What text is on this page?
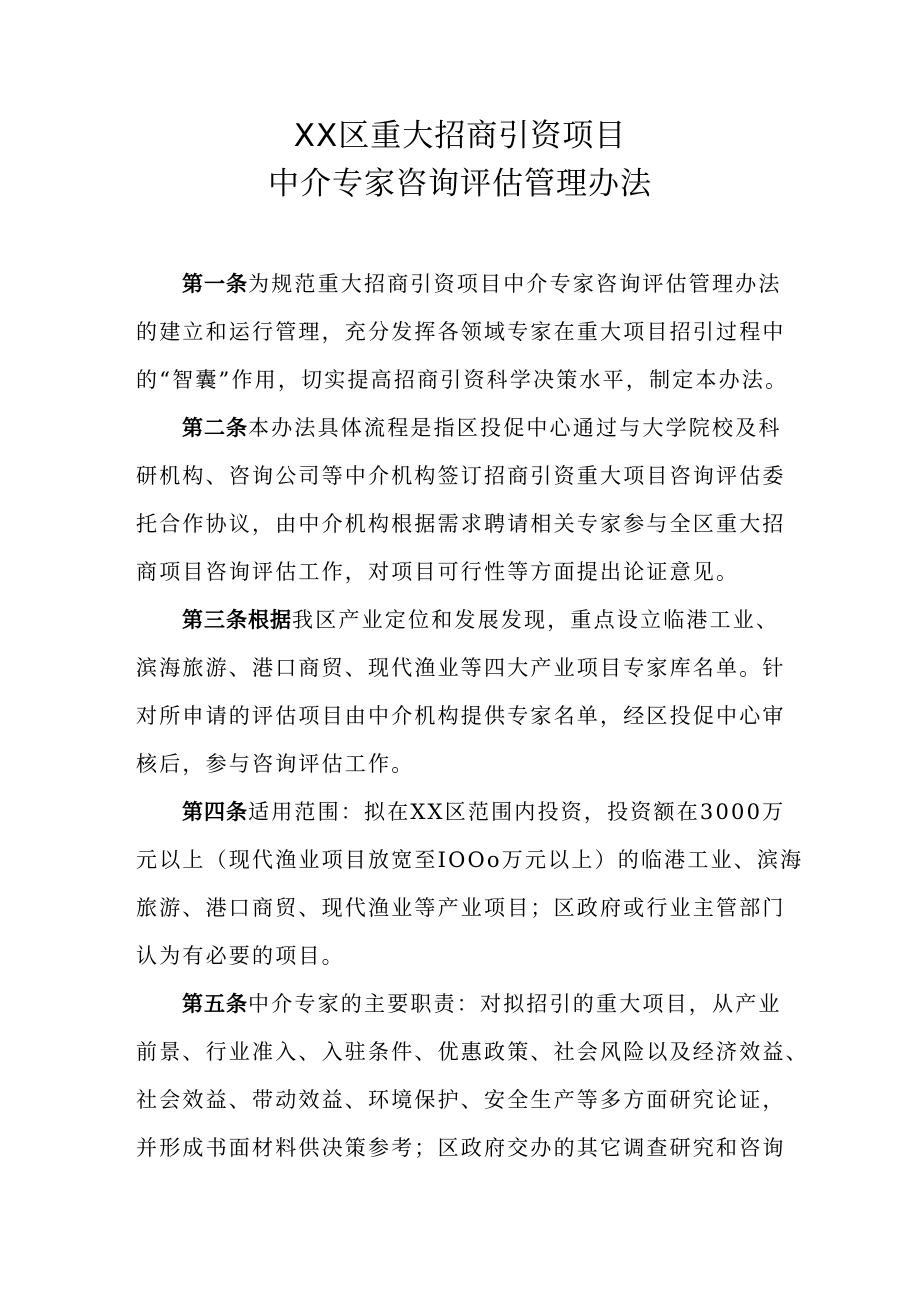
XX区重大招商引资项目
中介专家咨询评估管理办法
第一条为规范重大招商引资项目中介专家咨询评估管理办法
的建立和运行管理，充分发挥各领域专家在重大项目招引过程中
的“智囊”作用，切实提高招商引资科学决策水平，制定本办法。
第二条本办法具体流程是指区投促中心通过与大学院校及科
研机构、咨询公司等中介机构签订招商引资重大项目咨询评估委
托合作协议，由中介机构根据需求聘请相关专家参与全区重大招
商项目咨询评估工作，对项目可行性等方面提出论证意见。
第三条根据我区产业定位和发展发现，重点设立临港工业、
滨海旅游、港口商贸、现代渔业等四大产业项目专家库名单。针
对所申请的评估项目由中介机构提供专家名单，经区投促中心审
核后，参与咨询评估工作。
第四条适用范围：拟在XX区范围内投资，投资额在3000万
元以上（现代渔业项目放宽至IOOo万元以上）的临港工业、滨海
旅游、港口商贸、现代渔业等产业项目；区政府或行业主管部门
认为有必要的项目。
第五条中介专家的主要职责：对拟招引的重大项目，从产业
前景、行业准入、入驻条件、优惠政策、社会风险以及经济效益、
社会效益、带动效益、环境保护、安全生产等多方面研究论证，
并形成书面材料供决策参考；区政府交办的其它调查研究和咨询
